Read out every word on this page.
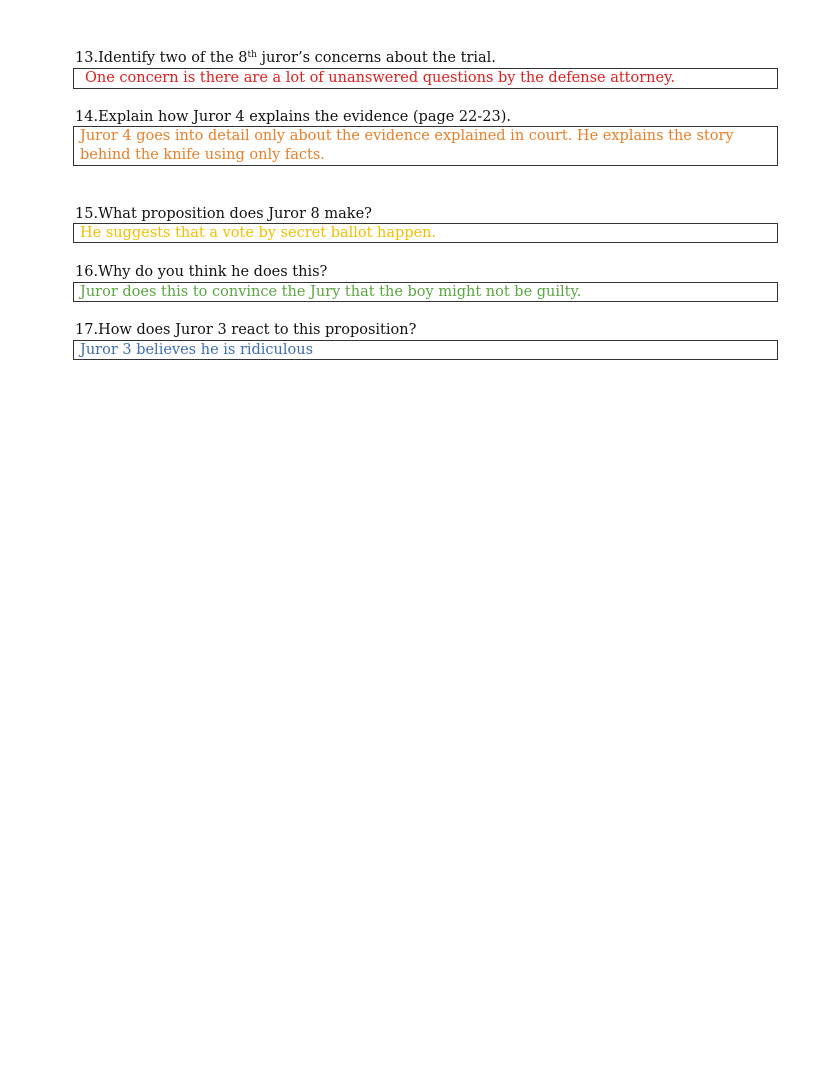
13.Identify two of the 8th juror’s concerns about the trial.
One concern is there are a lot of unanswered questions by the defense attorney.
14.Explain how Juror 4 explains the evidence (page 22-23).
Juror 4 goes into detail only about the evidence explained in court. He explains the story behind the knife using only facts.
15.What proposition does Juror 8 make?
He suggests that a vote by secret ballot happen.
16.Why do you think he does this?
Juror does this to convince the Jury that the boy might not be guilty.
17.How does Juror 3 react to this proposition?
Juror 3 believes he is ridiculous
